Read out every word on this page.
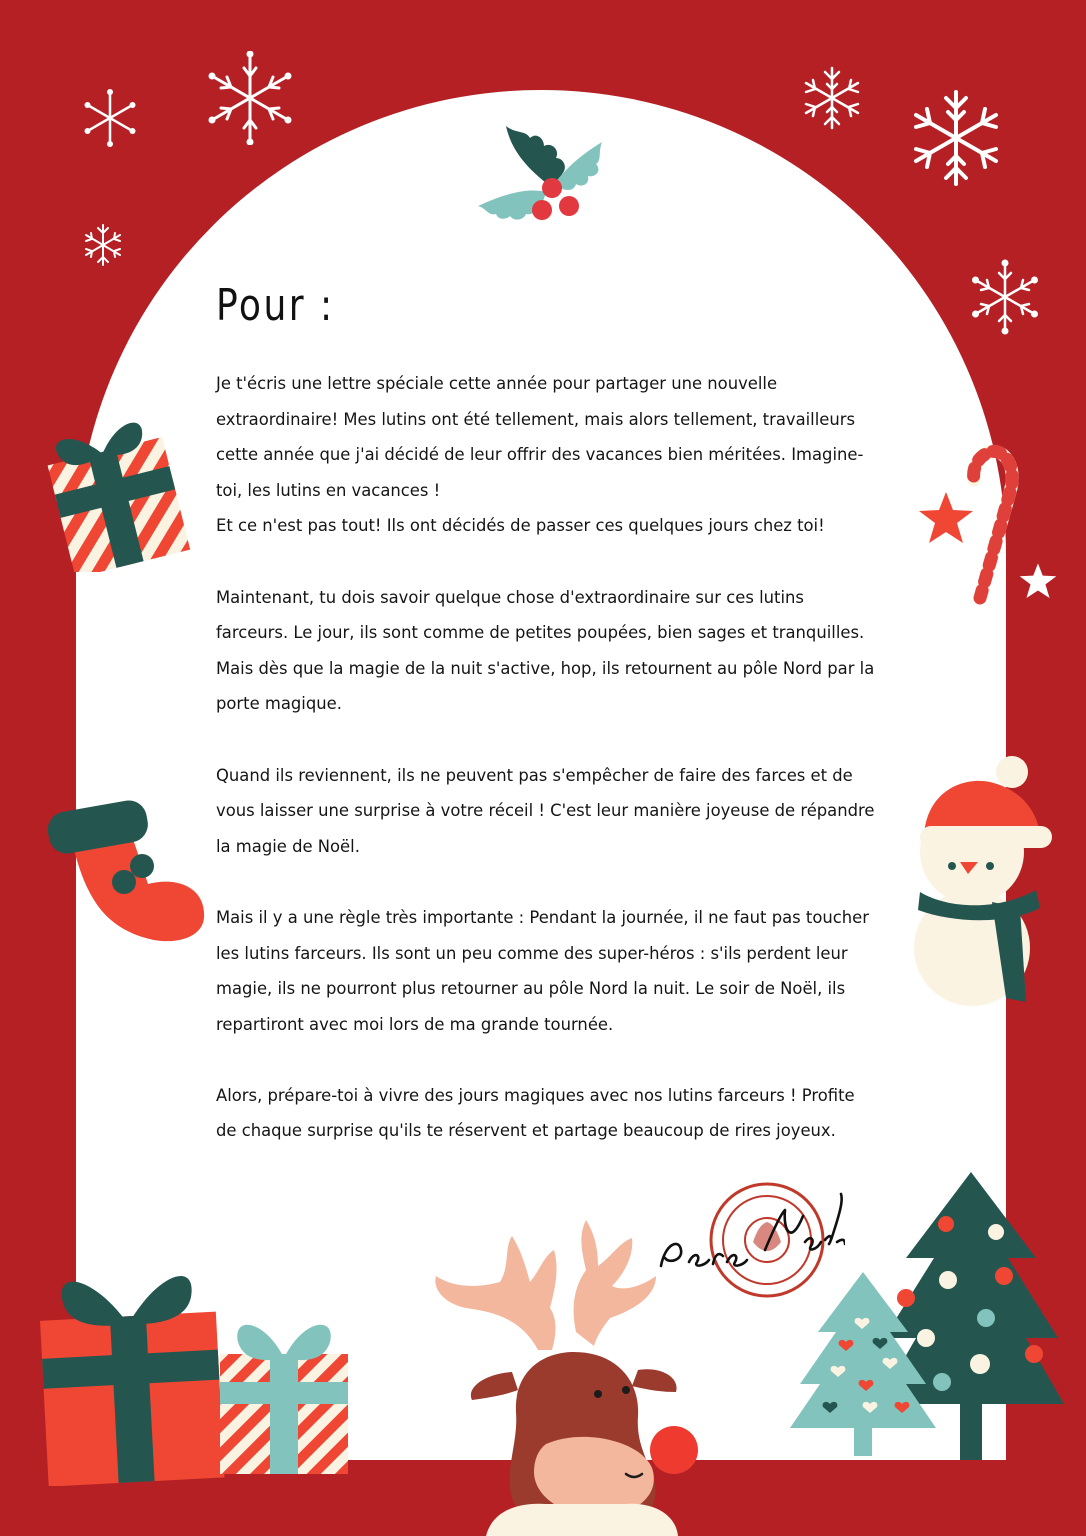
Pour :

Je t'écris une lettre spéciale cette année pour partager une nouvelle
extraordinaire! Mes lutins ont été tellement, mais alors tellement, travailleurs
cette année que j'ai décidé de leur offrir des vacances bien méritées. Imagine-
toi, les lutins en vacances !
Et ce n'est pas tout! Ils ont décidés de passer ces quelques jours chez toi!

Maintenant, tu dois savoir quelque chose d'extraordinaire sur ces lutins
farceurs. Le jour, ils sont comme de petites poupées, bien sages et tranquilles.
Mais dès que la magie de la nuit s'active, hop, ils retournent au pôle Nord par la
porte magique.

Quand ils reviennent, ils ne peuvent pas s'empêcher de faire des farces et de
vous laisser une surprise à votre réceil ! C'est leur manière joyeuse de répandre
la magie de Noël.

Mais il y a une règle très importante : Pendant la journée, il ne faut pas toucher
les lutins farceurs. Ils sont un peu comme des super-héros : s'ils perdent leur
magie, ils ne pourront plus retourner au pôle Nord la nuit. Le soir de Noël, ils
repartiront avec moi lors de ma grande tournée.

Alors, prépare-toi à vivre des jours magiques avec nos lutins farceurs ! Profite
de chaque surprise qu'ils te réservent et partage beaucoup de rires joyeux.
